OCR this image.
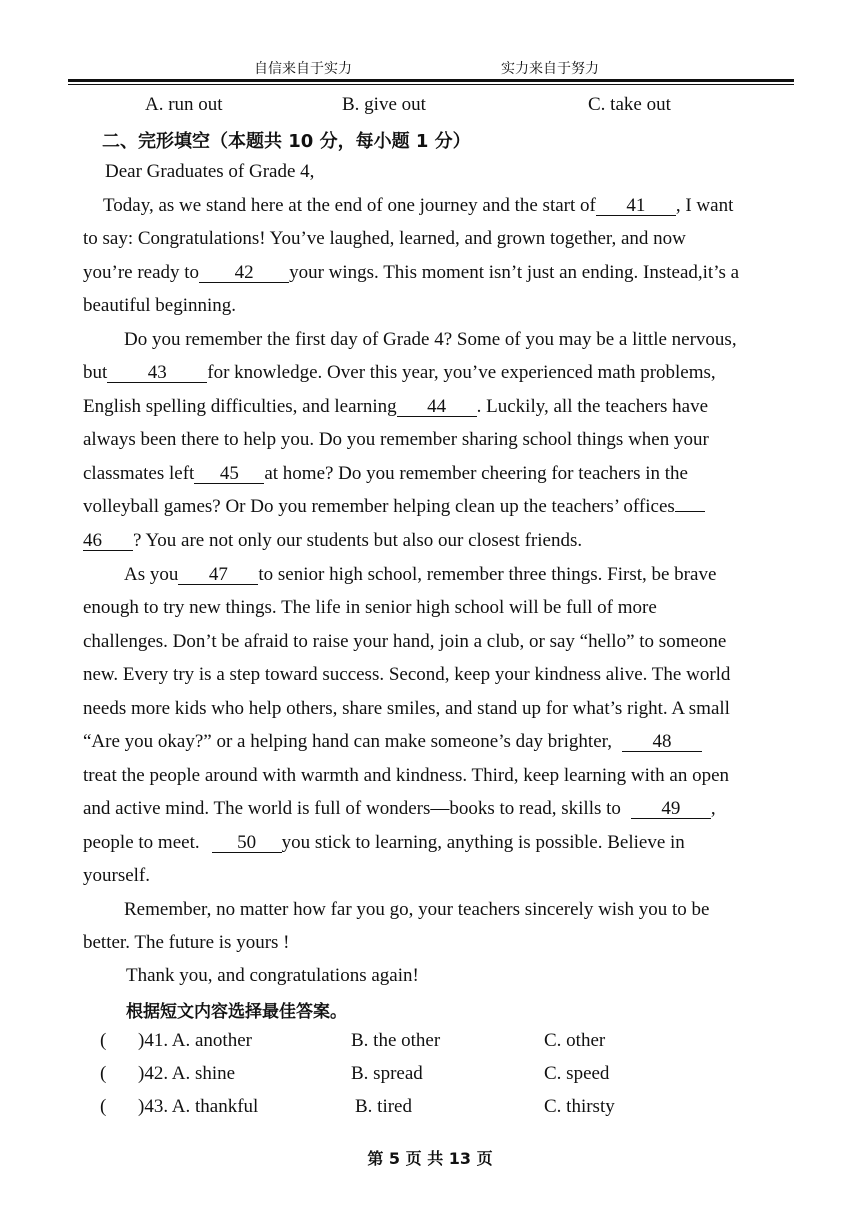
自信来自于实力	实力来自于努力
A. run out	B. give out	C. take out
二、完形填空（本题共 10 分，每小题 1 分）
Dear Graduates of Grade 4,
Today, as we stand here at the end of one journey and the start of 41 , I want
to say: Congratulations! You’ve laughed, learned, and grown together, and now
you’re ready to 42 your wings. This moment isn’t just an ending. Instead,it’s a
beautiful beginning.
Do you remember the first day of Grade 4? Some of you may be a little nervous,
but 43 for knowledge. Over this year, you’ve experienced math problems,
English spelling difficulties, and learning 44 . Luckily, all the teachers have
always been there to help you. Do you remember sharing school things when your
classmates left 45 at home? Do you remember cheering for teachers in the
volleyball games? Or Do you remember helping clean up the teachers’ offices
46 ? You are not only our students but also our closest friends.
As you 47 to senior high school, remember three things. First, be brave
enough to try new things. The life in senior high school will be full of more
challenges. Don’t be afraid to raise your hand, join a club, or say “hello” to someone
new. Every try is a step toward success. Second, keep your kindness alive. The world
needs more kids who help others, share smiles, and stand up for what’s right. A small
“Are you okay?” or a helping hand can make someone’s day brighter, 48
treat the people around with warmth and kindness. Third, keep learning with an open
and active mind. The world is full of wonders—books to read, skills to 49 ,
people to meet. 50 you stick to learning, anything is possible. Believe in
yourself.
Remember, no matter how far you go, your teachers sincerely wish you to be
better. The future is yours !
Thank you, and congratulations again!
根据短文内容选择最佳答案。
( )41. A. another	B. the other	C. other
( )42. A. shine	B. spread	C. speed
( )43. A. thankful	B. tired	C. thirsty
第 5 页 共 13 页
